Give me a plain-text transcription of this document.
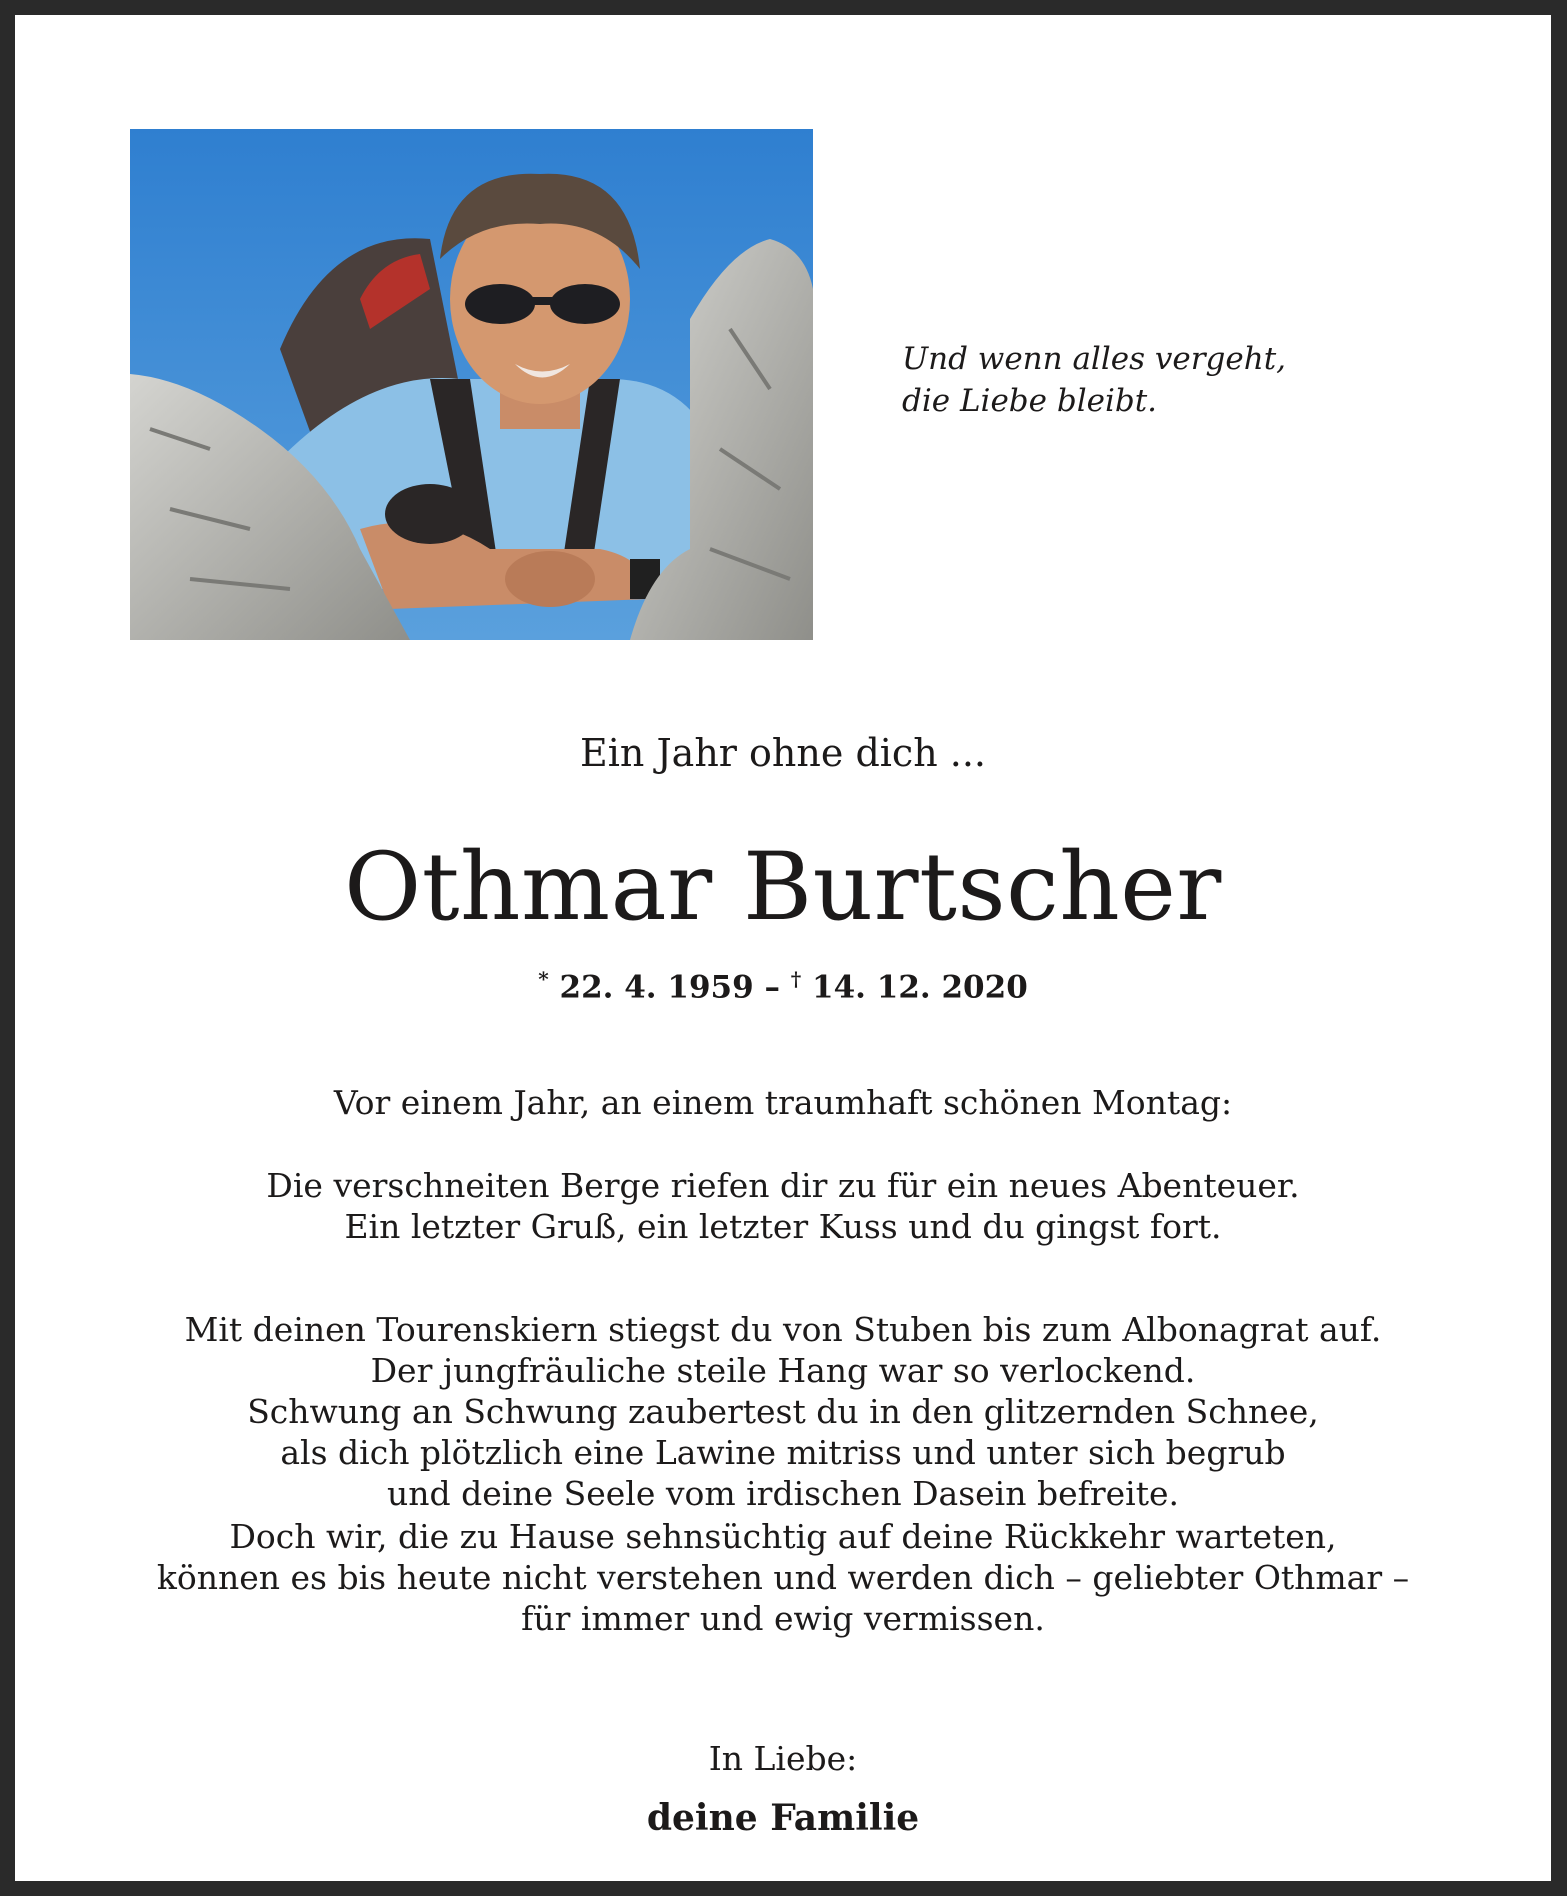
Und wenn alles vergeht,
die Liebe bleibt.

Ein Jahr ohne dich ...

Othmar Burtscher

* 22. 4. 1959 – † 14. 12. 2020

Vor einem Jahr, an einem traumhaft schönen Montag:

Die verschneiten Berge riefen dir zu für ein neues Abenteuer.
Ein letzter Gruß, ein letzter Kuss und du gingst fort.

Mit deinen Tourenskiern stiegst du von Stuben bis zum Albonagrat auf.
Der jungfräuliche steile Hang war so verlockend.
Schwung an Schwung zaubertest du in den glitzernden Schnee,
als dich plötzlich eine Lawine mitriss und unter sich begrub
und deine Seele vom irdischen Dasein befreite.

Doch wir, die zu Hause sehnsüchtig auf deine Rückkehr warteten,
können es bis heute nicht verstehen und werden dich – geliebter Othmar –
für immer und ewig vermissen.

In Liebe:

deine Familie
